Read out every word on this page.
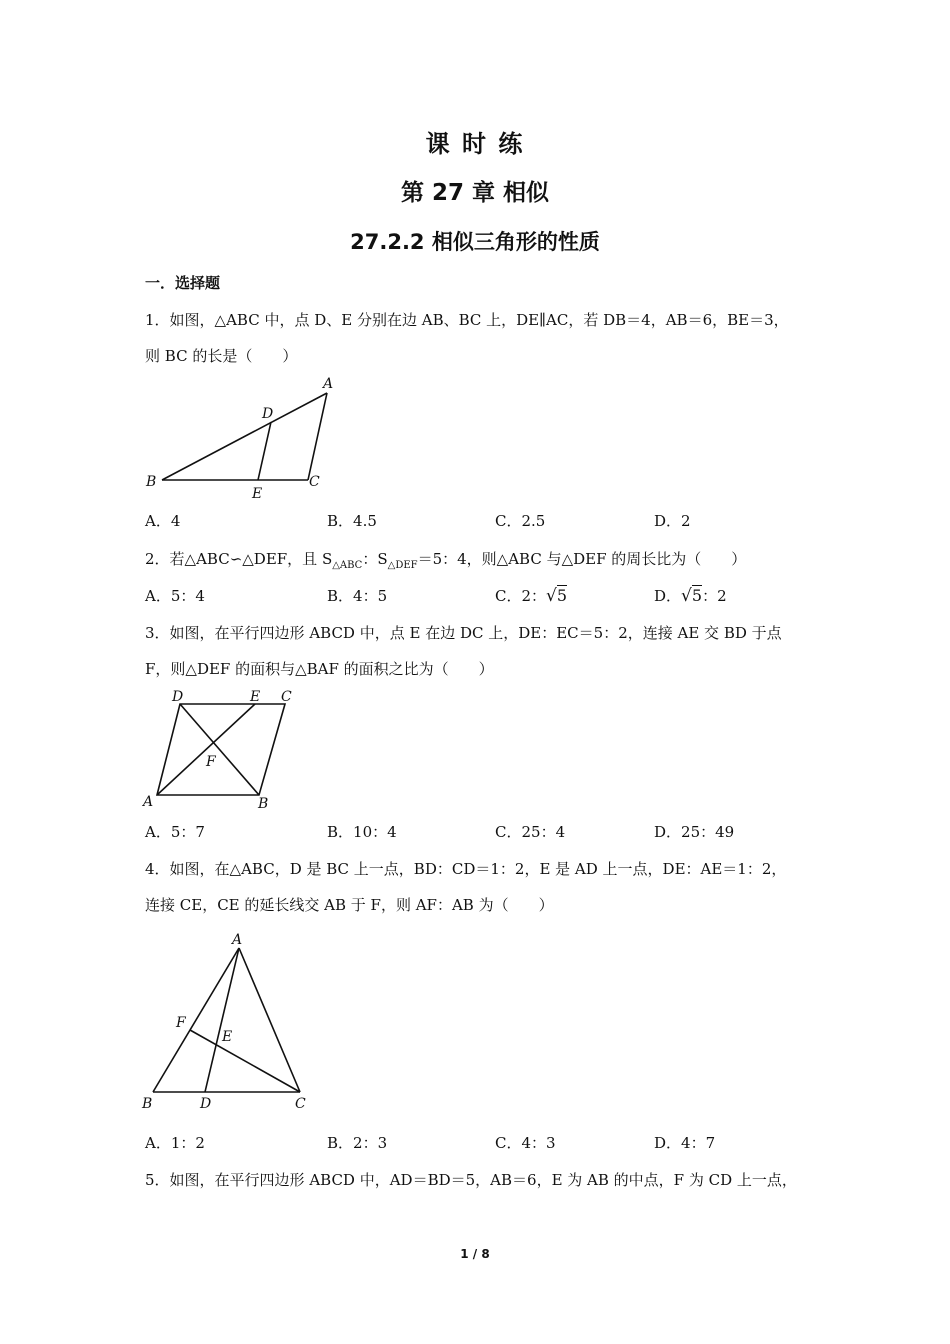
课 时 练
第 27 章 相似
27.2.2 相似三角形的性质
一．选择题
1．如图，△ABC 中，点 D、E 分别在边 AB、BC 上，DE∥AC，若 DB＝4，AB＝6，BE＝3，
则 BC 的长是（　　）
A
D
B
E
C
A．4	B．4.5	C．2.5	D．2
2．若△ABC∽△DEF，且 $S_{\triangle ABC}$：$S_{\triangle DEF}=5$：4，则△ABC 与△DEF 的周长比为（　　）
A．5：4	B．4：5	C．2：√5	D．√5：2
3．如图，在平行四边形 ABCD 中，点 E 在边 DC 上，DE：EC＝5：2，连接 AE 交 BD 于点
F，则△DEF 的面积与△BAF 的面积之比为（　　）
D	E C
F
A	B
A．5：7	B．10：4	C．25：4	D．25：49
4．如图，在△ABC，D 是 BC 上一点，BD：CD＝1：2，E 是 AD 上一点，DE：AE＝1：2，
连接 CE，CE 的延长线交 AB 于 F，则 AF：AB 为（　　）
A
F
E
B	D	C
A．1：2	B．2：3	C．4：3	D．4：7
5．如图，在平行四边形 ABCD 中，AD＝BD＝5，AB＝6，E 为 AB 的中点，F 为 CD 上一点，
1 / 8
